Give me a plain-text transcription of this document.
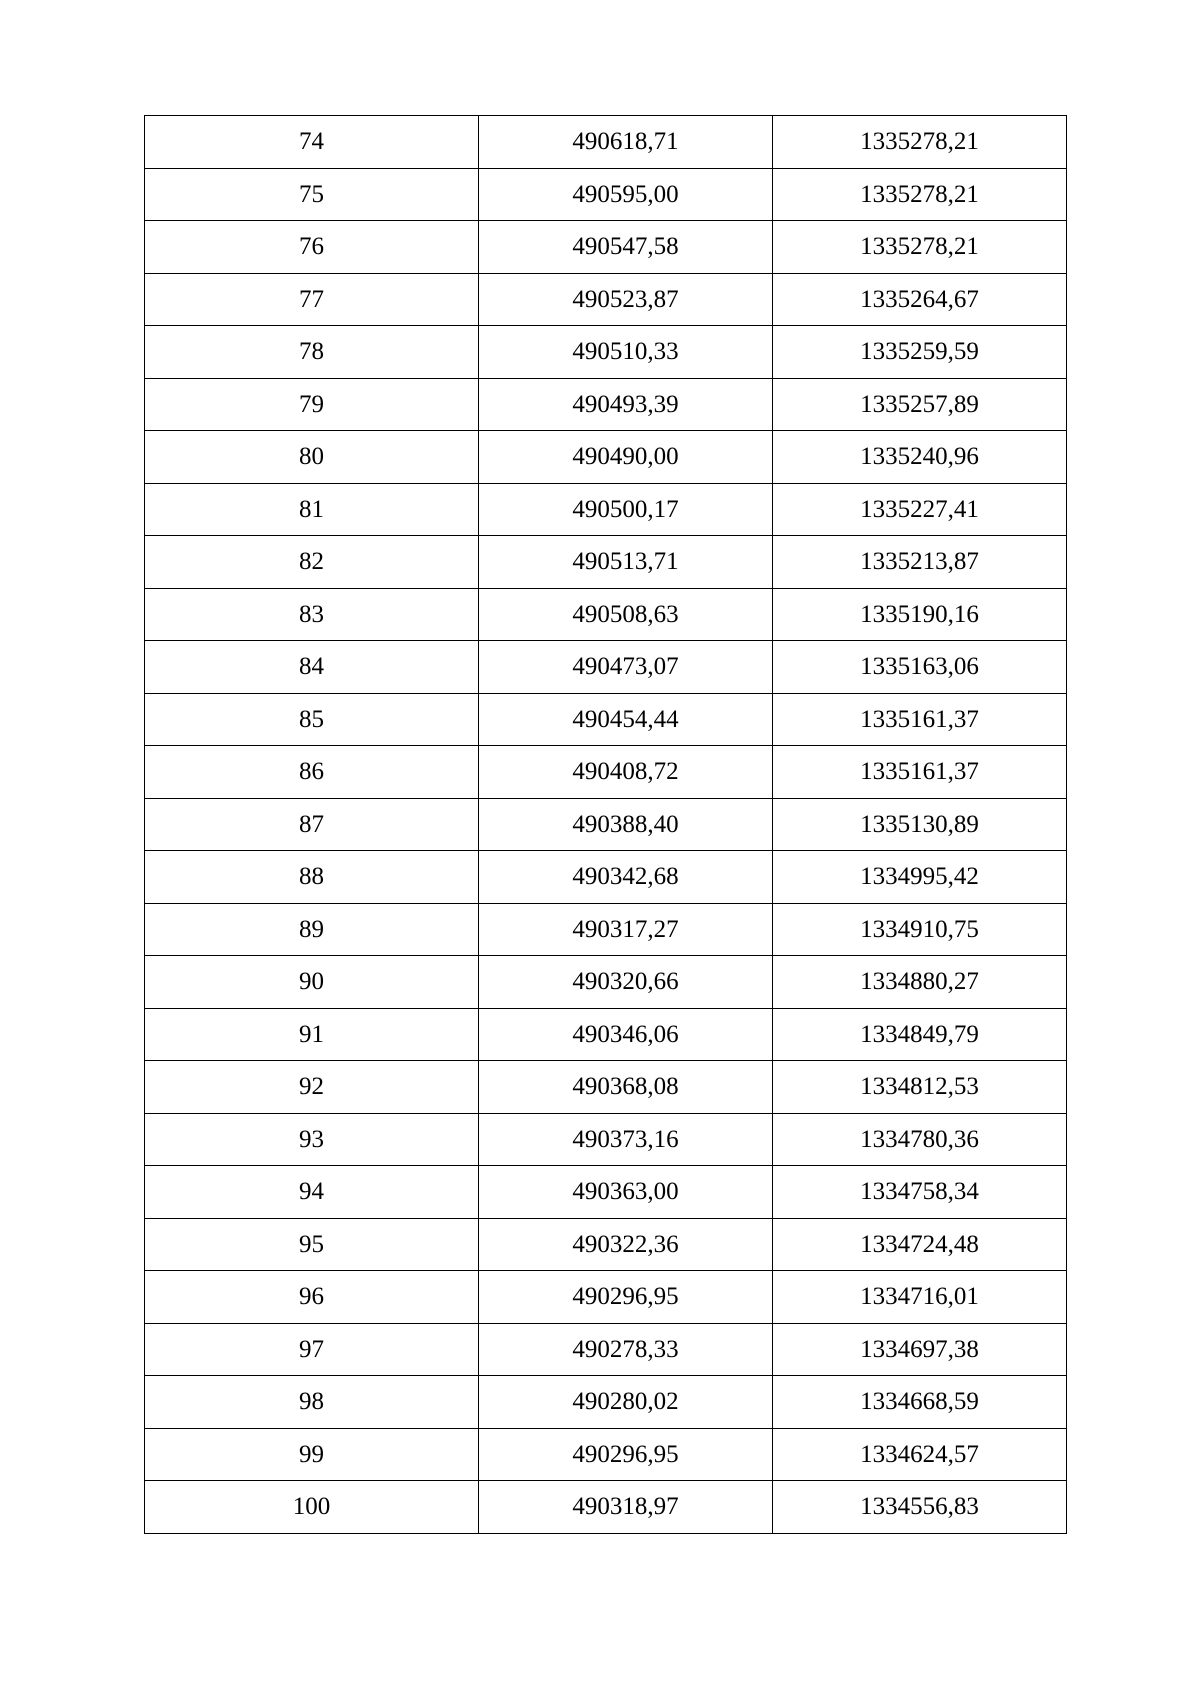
74	490618,71	1335278,21
75	490595,00	1335278,21
76	490547,58	1335278,21
77	490523,87	1335264,67
78	490510,33	1335259,59
79	490493,39	1335257,89
80	490490,00	1335240,96
81	490500,17	1335227,41
82	490513,71	1335213,87
83	490508,63	1335190,16
84	490473,07	1335163,06
85	490454,44	1335161,37
86	490408,72	1335161,37
87	490388,40	1335130,89
88	490342,68	1334995,42
89	490317,27	1334910,75
90	490320,66	1334880,27
91	490346,06	1334849,79
92	490368,08	1334812,53
93	490373,16	1334780,36
94	490363,00	1334758,34
95	490322,36	1334724,48
96	490296,95	1334716,01
97	490278,33	1334697,38
98	490280,02	1334668,59
99	490296,95	1334624,57
100	490318,97	1334556,83
